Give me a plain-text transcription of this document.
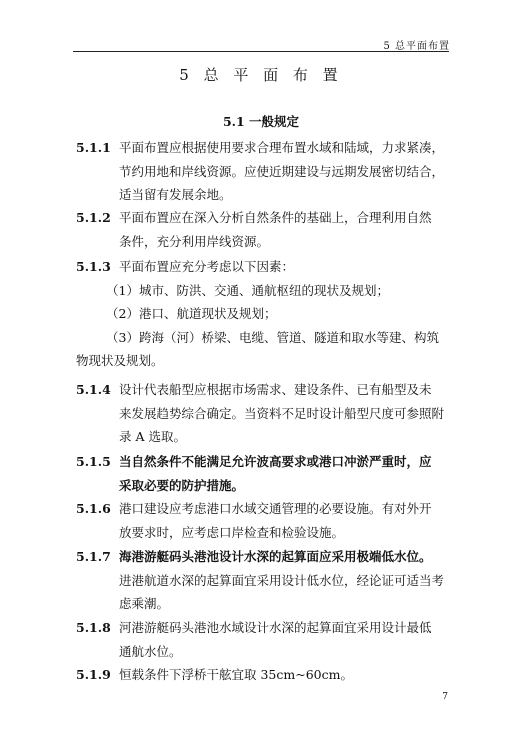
5 总平面布置
5 总 平 面 布 置
5.1 一般规定
5.1.1 平面布置应根据使用要求合理布置水域和陆域，力求紧凑，
节约用地和岸线资源。应使近期建设与远期发展密切结合，
适当留有发展余地。
5.1.2 平面布置应在深入分析自然条件的基础上，合理利用自然
条件，充分利用岸线资源。
5.1.3 平面布置应充分考虑以下因素：
（1）城市、防洪、交通、通航枢纽的现状及规划；
（2）港口、航道现状及规划；
（3）跨海（河）桥梁、电缆、管道、隧道和取水等建、构筑
物现状及规划。
5.1.4 设计代表船型应根据市场需求、建设条件、已有船型及未
来发展趋势综合确定。当资料不足时设计船型尺度可参照附
录 A 选取。
5.1.5 当自然条件不能满足允许波高要求或港口冲淤严重时，应
采取必要的防护措施。
5.1.6 港口建设应考虑港口水域交通管理的必要设施。有对外开
放要求时，应考虑口岸检查和检验设施。
5.1.7 海港游艇码头港池设计水深的起算面应采用极端低水位。
进港航道水深的起算面宜采用设计低水位，经论证可适当考
虑乘潮。
5.1.8 河港游艇码头港池水域设计水深的起算面宜采用设计最低
通航水位。
5.1.9 恒载条件下浮桥干舷宜取 35cm~60cm。
7
